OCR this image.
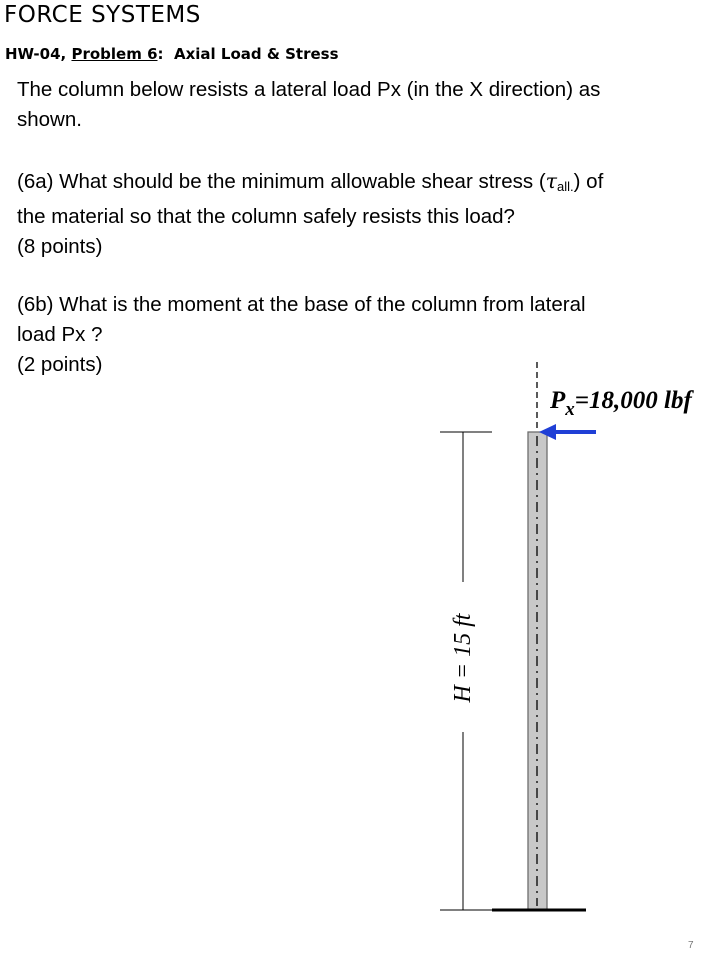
FORCE SYSTEMS
HW-04, Problem 6: Axial Load & Stress
The column below resists a lateral load Px (in the X direction) as
shown.
(6a) What should be the minimum allowable shear stress $(\tau_{all.})$ of
the material so that the column safely resists this load?
(8 points)
(6b) What is the moment at the base of the column from lateral
load Px ?
(2 points)
$P_x=18,000$ lbf
H = 15 ft
7
